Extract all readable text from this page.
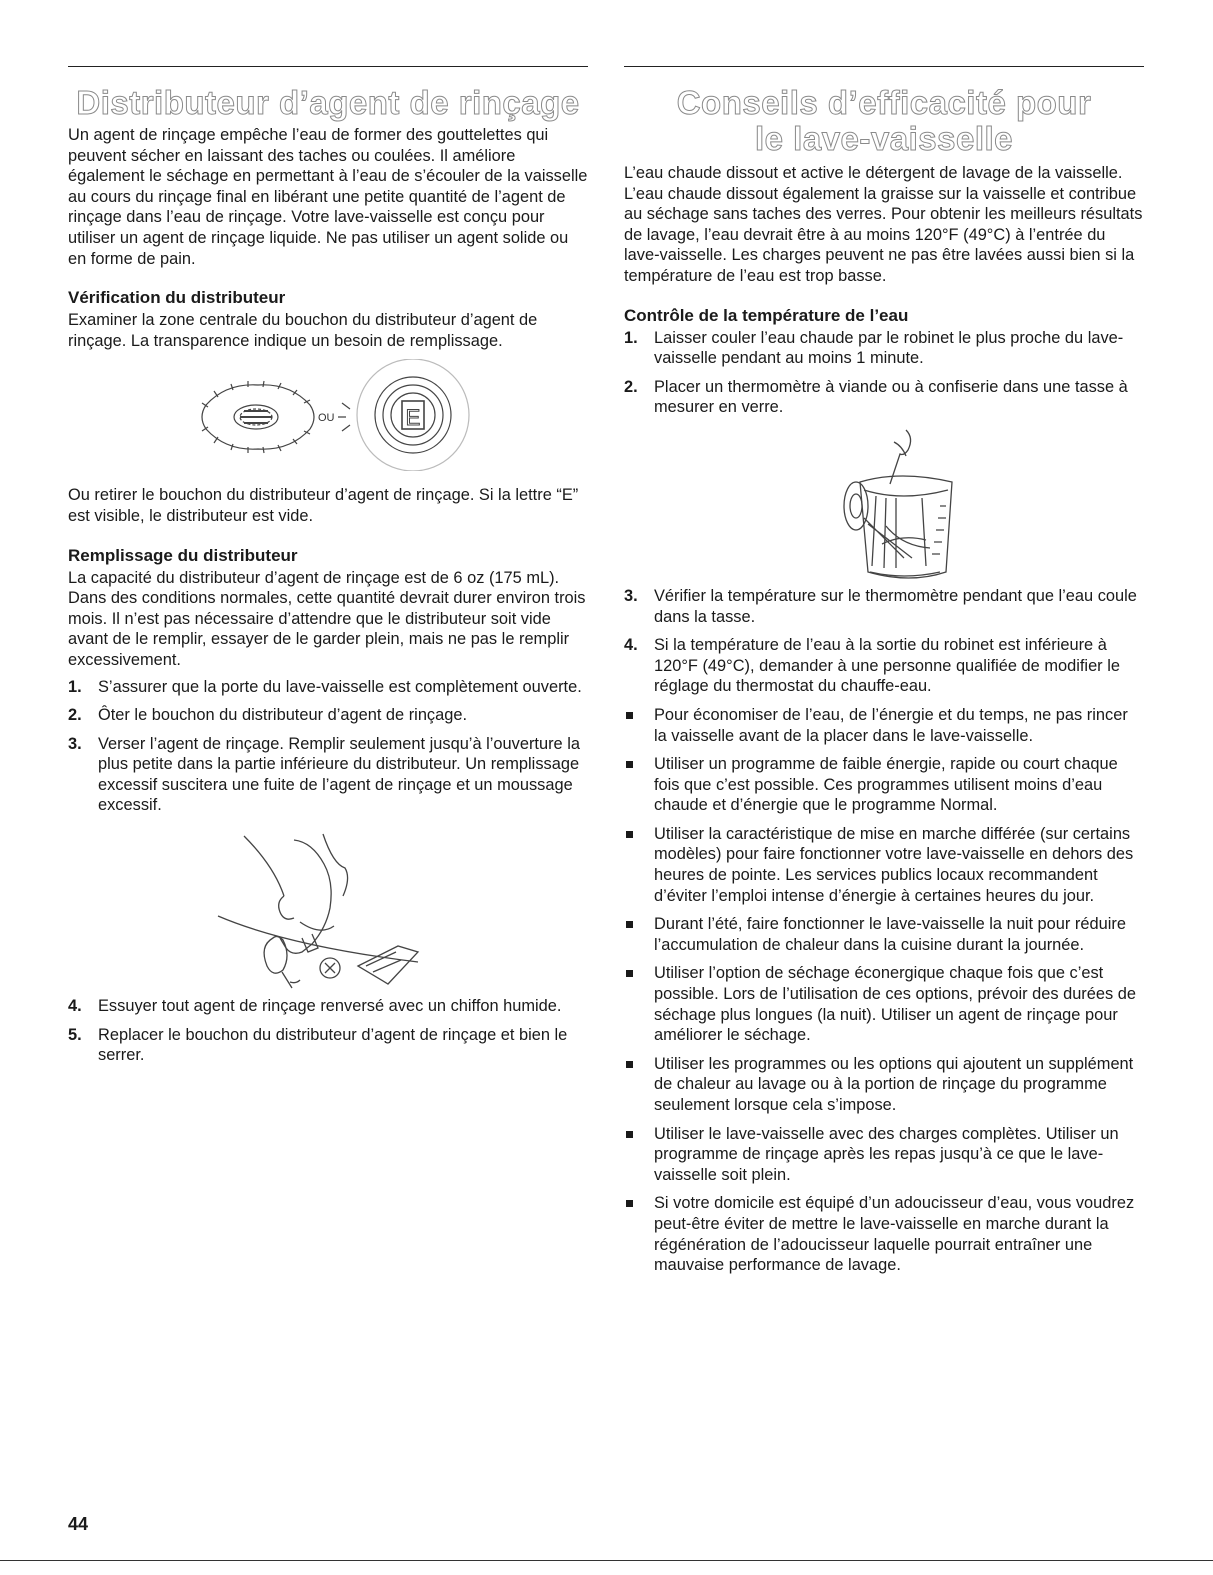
Distributeur d’agent de rinçage

Un agent de rinçage empêche l’eau de former des gouttelettes qui peuvent sécher en laissant des taches ou coulées. Il améliore également le séchage en permettant à l’eau de s’écouler de la vaisselle au cours du rinçage final en libérant une petite quantité de l’agent de rinçage dans l’eau de rinçage. Votre lave-vaisselle est conçu pour utiliser un agent de rinçage liquide. Ne pas utiliser un agent solide ou en forme de pain.

Vérification du distributeur

Examiner la zone centrale du bouchon du distributeur d’agent de rinçage. La transparence indique un besoin de remplissage.

OU	E

Ou retirer le bouchon du distributeur d’agent de rinçage. Si la lettre “E” est visible, le distributeur est vide.

Remplissage du distributeur

La capacité du distributeur d’agent de rinçage est de 6 oz (175 mL). Dans des conditions normales, cette quantité devrait durer environ trois mois. Il n’est pas nécessaire d’attendre que le distributeur soit vide avant de le remplir, essayer de le garder plein, mais ne pas le remplir excessivement.

1. S’assurer que la porte du lave-vaisselle est complètement ouverte.
2. Ôter le bouchon du distributeur d’agent de rinçage.
3. Verser l’agent de rinçage. Remplir seulement jusqu’à l’ouverture la plus petite dans la partie inférieure du distributeur. Un remplissage excessif suscitera une fuite de l’agent de rinçage et un moussage excessif.
4. Essuyer tout agent de rinçage renversé avec un chiffon humide.
5. Replacer le bouchon du distributeur d’agent de rinçage et bien le serrer.
Conseils d’efficacité pour
le lave-vaisselle

L’eau chaude dissout et active le détergent de lavage de la vaisselle. L’eau chaude dissout également la graisse sur la vaisselle et contribue au séchage sans taches des verres. Pour obtenir les meilleurs résultats de lavage, l’eau devrait être à au moins 120°F (49°C) à l’entrée du lave-vaisselle. Les charges peuvent ne pas être lavées aussi bien si la température de l’eau est trop basse.

Contrôle de la température de l’eau
1. Laisser couler l’eau chaude par le robinet le plus proche du lave-vaisselle pendant au moins 1 minute.
2. Placer un thermomètre à viande ou à confiserie dans une tasse à mesurer en verre.
3. Vérifier la température sur le thermomètre pendant que l’eau coule dans la tasse.
4. Si la température de l’eau à la sortie du robinet est inférieure à 120°F (49°C), demander à une personne qualifiée de modifier le réglage du thermostat du chauffe-eau.
Pour économiser de l’eau, de l’énergie et du temps, ne pas rincer la vaisselle avant de la placer dans le lave-vaisselle.
Utiliser un programme de faible énergie, rapide ou court chaque fois que c’est possible. Ces programmes utilisent moins d’eau chaude et d’énergie que le programme Normal.
Utiliser la caractéristique de mise en marche différée (sur certains modèles) pour faire fonctionner votre lave-vaisselle en dehors des heures de pointe. Les services publics locaux recommandent d’éviter l’emploi intense d’énergie à certaines heures du jour.
Durant l’été, faire fonctionner le lave-vaisselle la nuit pour réduire l’accumulation de chaleur dans la cuisine durant la journée.
Utiliser l’option de séchage éconergique chaque fois que c’est possible. Lors de l’utilisation de ces options, prévoir des durées de séchage plus longues (la nuit). Utiliser un agent de rinçage pour améliorer le séchage.
Utiliser les programmes ou les options qui ajoutent un supplément de chaleur au lavage ou à la portion de rinçage du programme seulement lorsque cela s’impose.
Utiliser le lave-vaisselle avec des charges complètes. Utiliser un programme de rinçage après les repas jusqu’à ce que le lave-vaisselle soit plein.
Si votre domicile est équipé d’un adoucisseur d’eau, vous voudrez peut-être éviter de mettre le lave-vaisselle en marche durant la régénération de l’adoucisseur laquelle pourrait entraîner une mauvaise performance de lavage.
44
